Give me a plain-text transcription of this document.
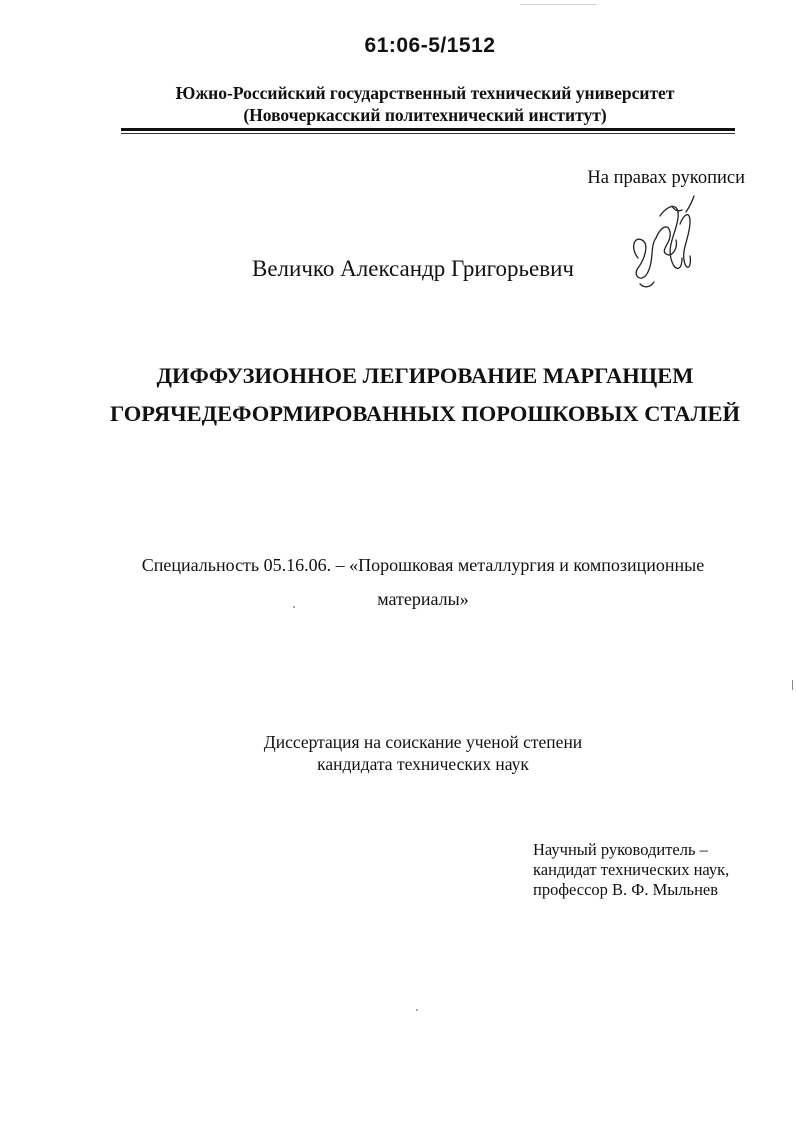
61:06-5/1512
Южно-Российский государственный технический университет
(Новочеркасский политехнический институт)
На правах рукописи
Величко Александр Григорьевич
ДИФФУЗИОННОЕ ЛЕГИРОВАНИЕ МАРГАНЦЕМ
ГОРЯЧЕДЕФОРМИРОВАННЫХ ПОРОШКОВЫХ СТАЛЕЙ
Специальность 05.16.06. – «Порошковая металлургия и композиционные
материалы»
Диссертация на соискание ученой степени
кандидата технических наук
Научный руководитель –
кандидат технических наук,
профессор В. Ф. Мыльнев
